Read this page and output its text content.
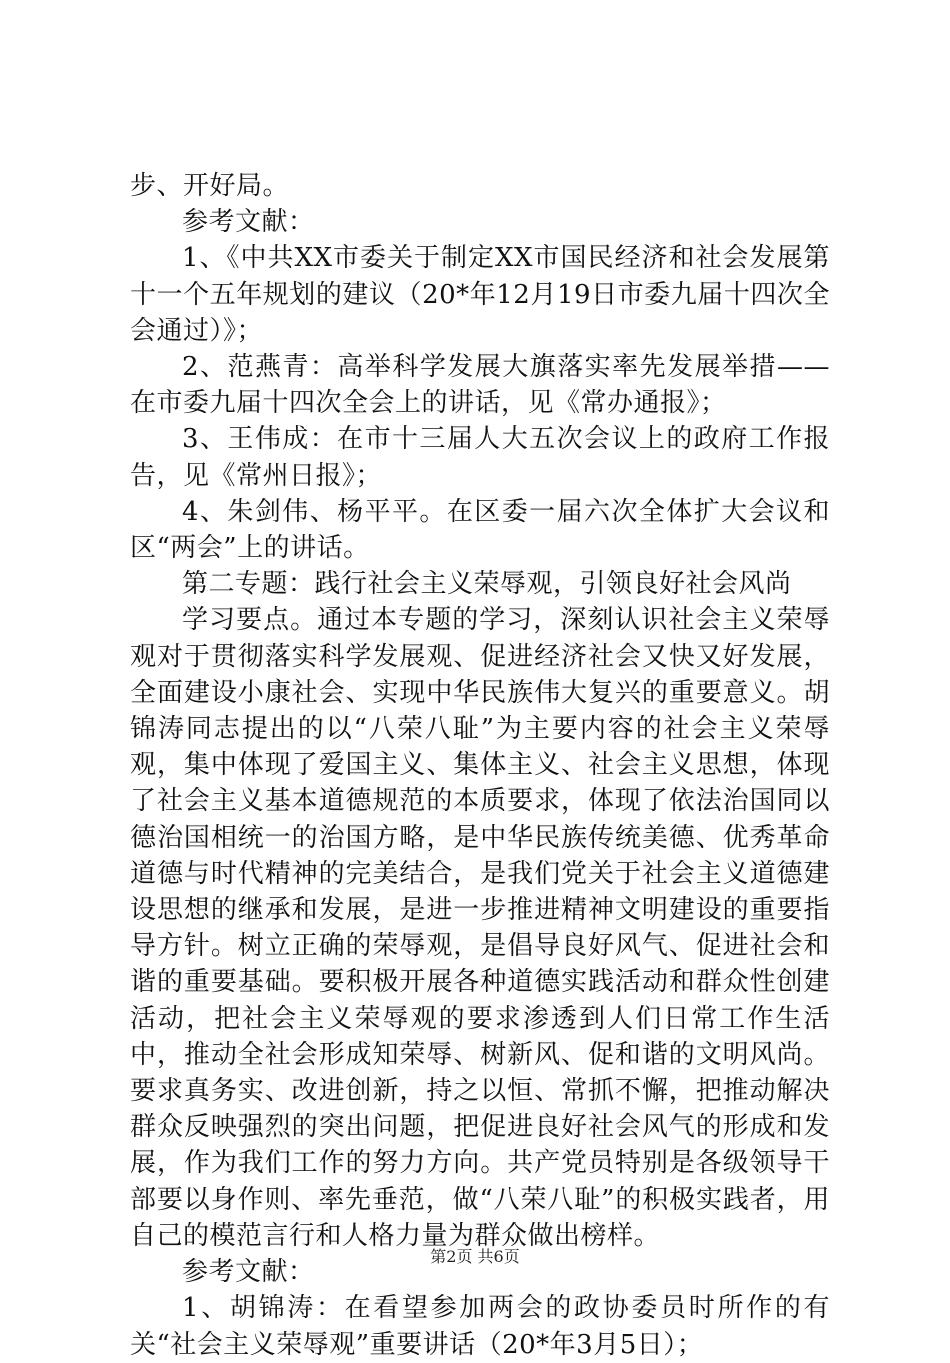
步、开好局。

参考文献：

1、《中共XX市委关于制定XX市国民经济和社会发展第十一个五年规划的建议（20*年12月19日市委九届十四次全会通过）》；

2、范燕青：高举科学发展大旗落实率先发展举措——在市委九届十四次全会上的讲话，见《常办通报》；

3、王伟成：在市十三届人大五次会议上的政府工作报告，见《常州日报》；

4、朱剑伟、杨平平。在区委一届六次全体扩大会议和区“两会”上的讲话。

第二专题：践行社会主义荣辱观，引领良好社会风尚

学习要点。通过本专题的学习，深刻认识社会主义荣辱观对于贯彻落实科学发展观、促进经济社会又快又好发展，全面建设小康社会、实现中华民族伟大复兴的重要意义。胡锦涛同志提出的以“八荣八耻”为主要内容的社会主义荣辱观，集中体现了爱国主义、集体主义、社会主义思想，体现了社会主义基本道德规范的本质要求，体现了依法治国同以德治国相统一的治国方略，是中华民族传统美德、优秀革命道德与时代精神的完美结合，是我们党关于社会主义道德建设思想的继承和发展，是进一步推进精神文明建设的重要指导方针。树立正确的荣辱观，是倡导良好风气、促进社会和谐的重要基础。要积极开展各种道德实践活动和群众性创建活动，把社会主义荣辱观的要求渗透到人们日常工作生活中，推动全社会形成知荣辱、树新风、促和谐的文明风尚。要求真务实、改进创新，持之以恒、常抓不懈，把推动解决群众反映强烈的突出问题，把促进良好社会风气的形成和发展，作为我们工作的努力方向。共产党员特别是各级领导干部要以身作则、率先垂范，做“八荣八耻”的积极实践者，用自己的模范言行和人格力量为群众做出榜样。

参考文献：

1、胡锦涛：在看望参加两会的政协委员时所作的有关“社会主义荣辱观”重要讲话（20*年3月5日）；

第2页 共6页
